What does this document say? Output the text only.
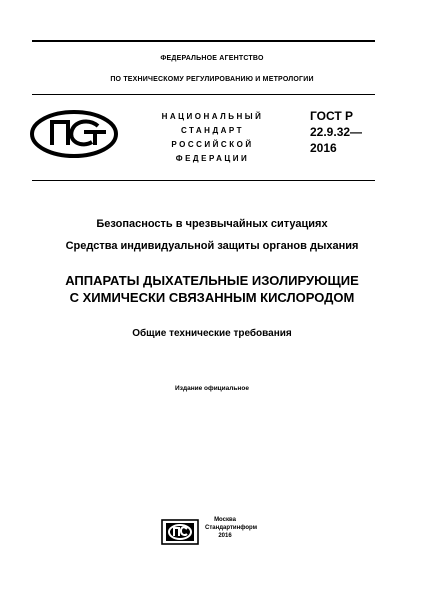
ФЕДЕРАЛЬНОЕ АГЕНТСТВО
ПО ТЕХНИЧЕСКОМУ РЕГУЛИРОВАНИЮ И МЕТРОЛОГИИ
НАЦИОНАЛЬНЫЙ
СТАНДАРТ
РОССИЙСКОЙ
ФЕДЕРАЦИИ
ГОСТ Р
22.9.32—
2016
Безопасность в чрезвычайных ситуациях
Средства индивидуальной защиты органов дыхания
АППАРАТЫ ДЫХАТЕЛЬНЫЕ ИЗОЛИРУЮЩИЕ
С ХИМИЧЕСКИ СВЯЗАННЫМ КИСЛОРОДОМ
Общие технические требования
Издание официальное
Москва
Стандартинформ
2016
